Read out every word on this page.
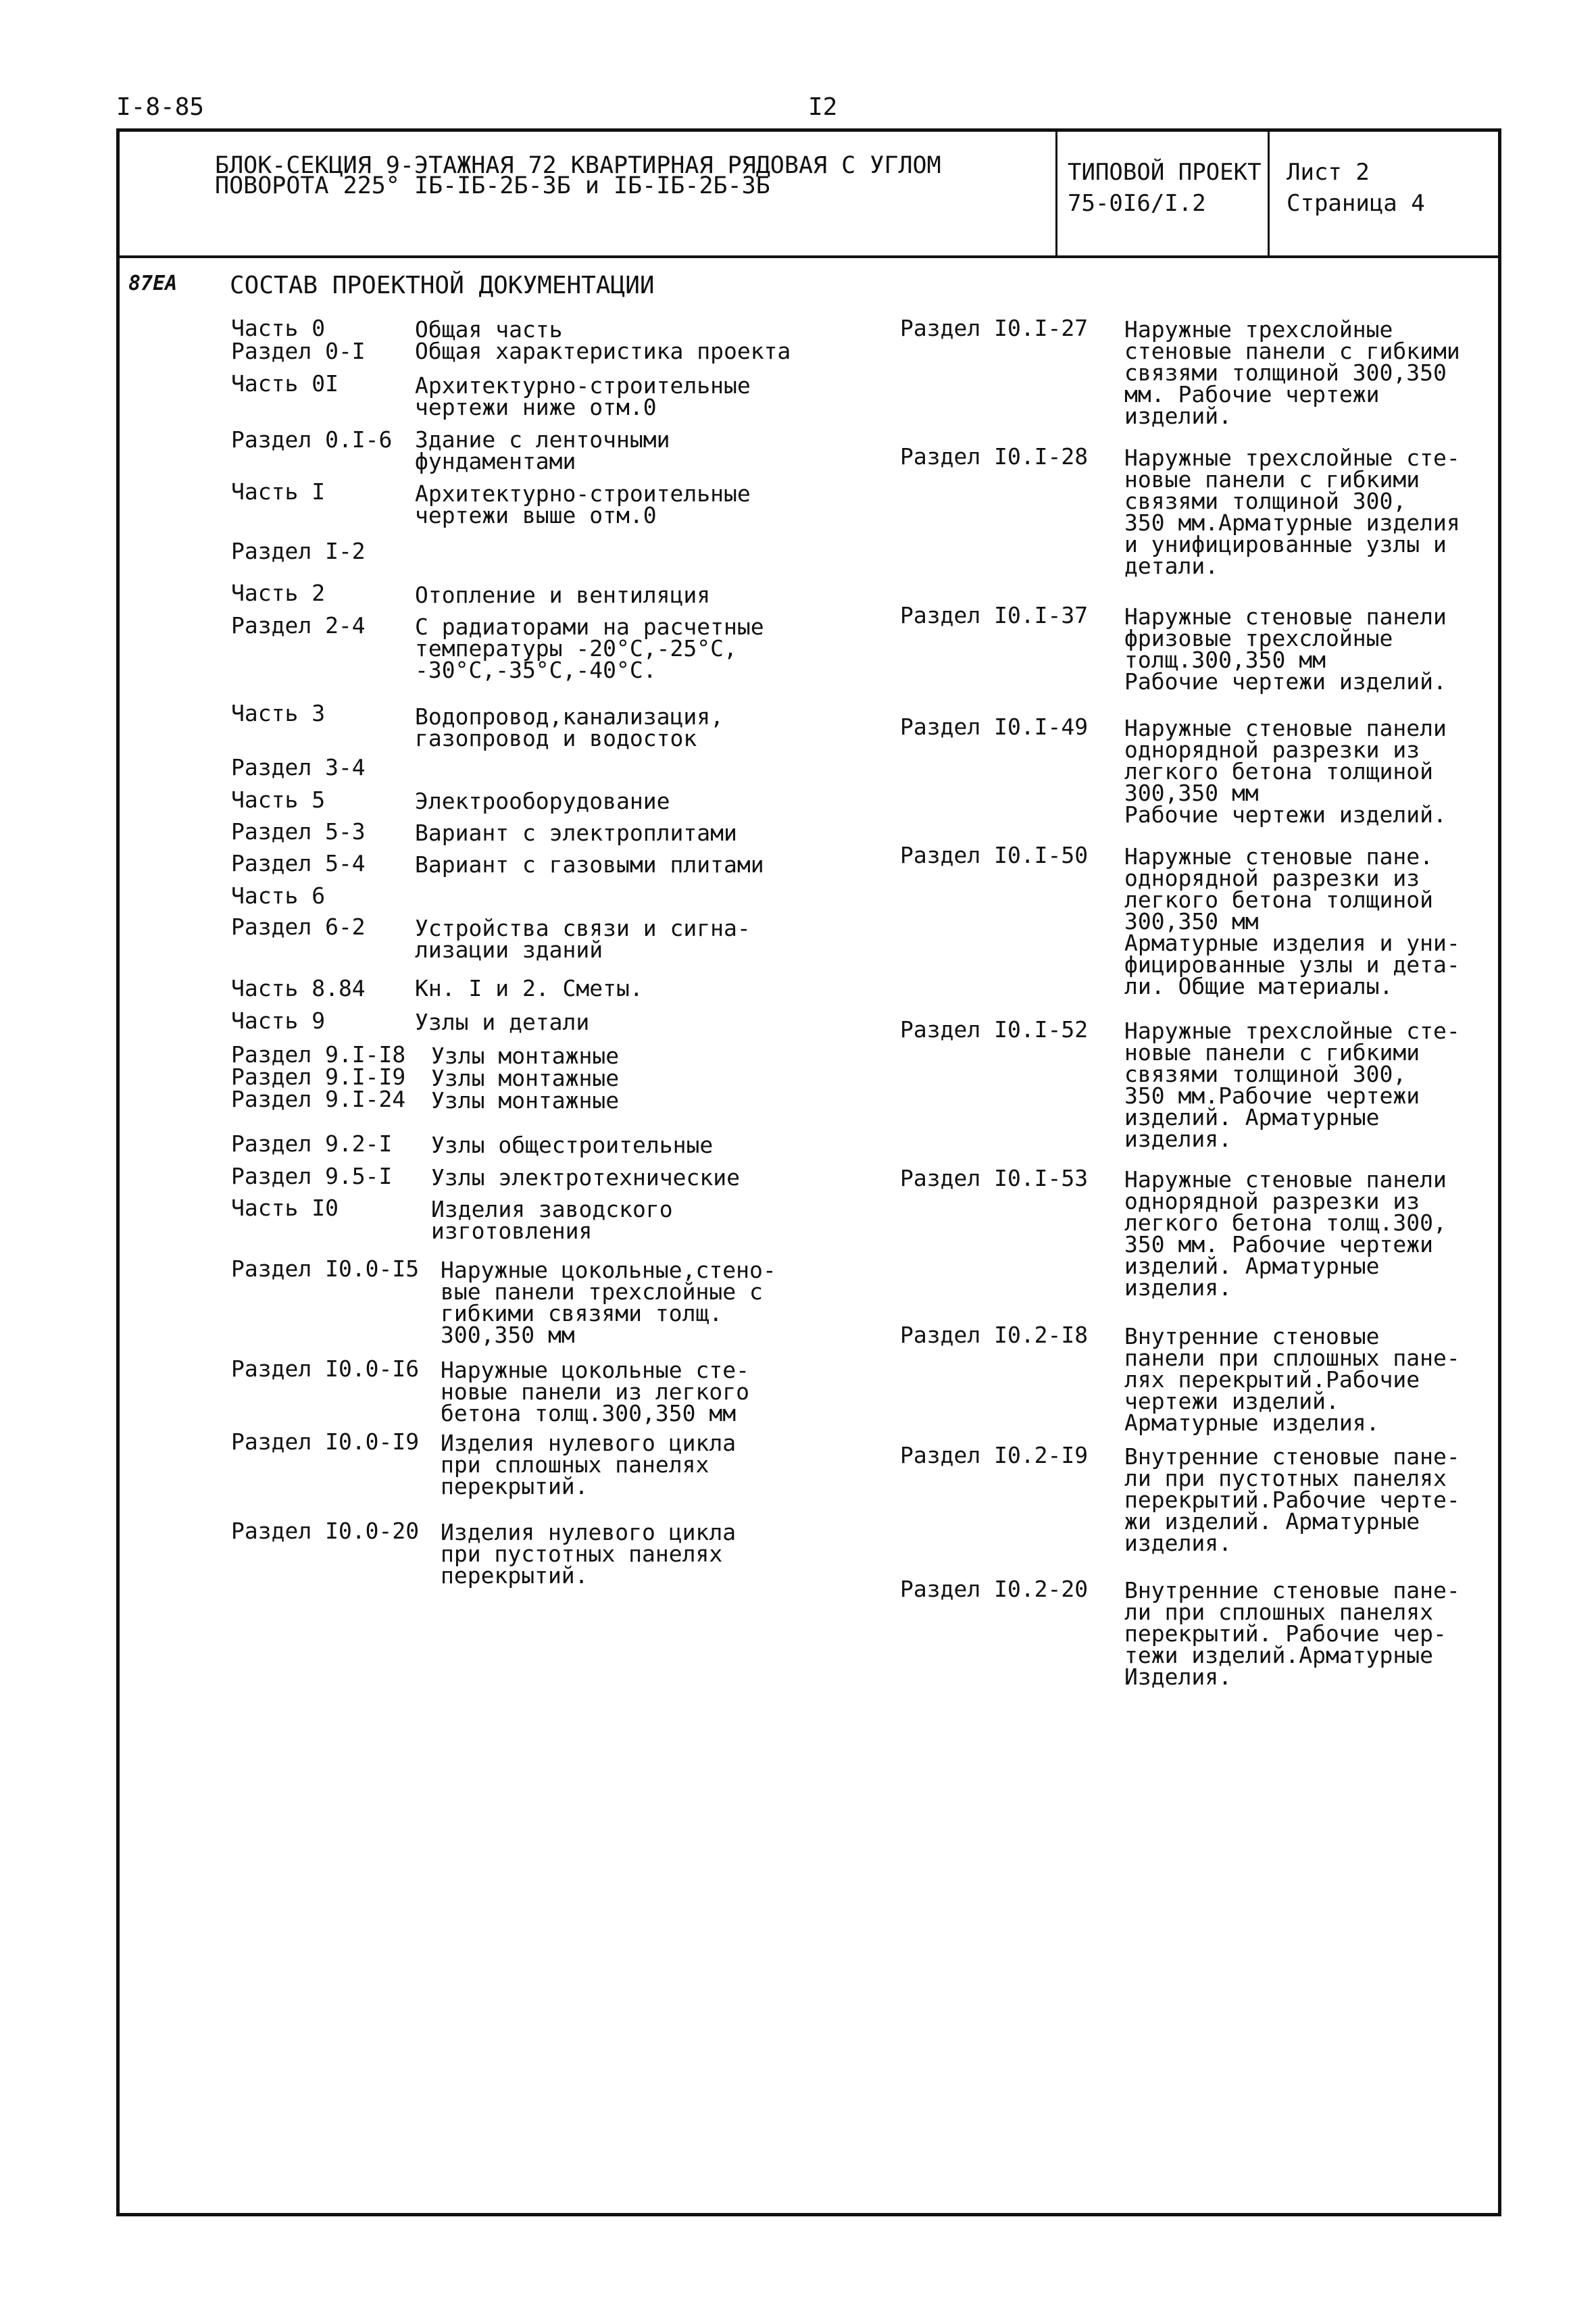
I-8-85	I2
БЛОК-СЕКЦИЯ 9-ЭТАЖНАЯ 72 КВАРТИРНАЯ РЯДОВАЯ С УГЛОМ
ПОВОРОТА 225° IБ-IБ-2Б-3Б и IБ-IБ-2Б-3Б	ТИПОВОЙ ПРОЕКТ
75-0I6/I.2
Лист 2
Страница 4
87ЕА СОСТАВ ПРОЕКТНОЙ ДОКУМЕНТАЦИИ
Часть 0	Общая часть
Раздел 0-I Общая характеристика проекта
Часть 0I	Архитектурно-строительные
чертежи ниже отм.0
Раздел 0.I-6 Здание с ленточными
фундаментами
Часть I	Архитектурно-строительные
чертежи выше отм.0
Раздел I-2
Часть 2	Отопление и вентиляция
Раздел 2-4 С радиаторами на расчетные
температуры -20°С,-25°С,
-30°С,-35°С,-40°С.
Часть 3	Водопровод,канализация,
газопровод и водосток
Раздел 3-4
Часть 5	Электрооборудование
Раздел 5-3 Вариант с электроплитами
Раздел 5-4 Вариант с газовыми плитами
Часть 6
Раздел 6-2 Устройства связи и сигна-
лизации зданий
Часть 8.84 Кн. I и 2. Сметы.
Часть 9	Узлы и детали
Раздел 9.I-I8 Узлы монтажные
Раздел 9.I-I9 Узлы монтажные
Раздел 9.I-24 Узлы монтажные
Раздел 9.2-I Узлы общестроительные
Раздел 9.5-I Узлы электротехнические
Часть I0	Изделия заводского
изготовления
Раздел I0.0-I5 Наружные цокольные,стено-
вые панели трехслойные с
гибкими связями толщ.
300,350 мм
Раздел I0.0-I6 Наружные цокольные сте-
новые панели из легкого
бетона толщ.300,350 мм
Раздел I0.0-I9 Изделия нулевого цикла
при сплошных панелях
перекрытий.
Раздел I0.0-20 Изделия нулевого цикла
при пустотных панелях
перекрытий.
Раздел I0.I-27 Наружные трехслойные
стеновые панели с гибкими
связями толщиной 300,350
мм. Рабочие чертежи
изделий.
Раздел I0.I-28 Наружные трехслойные сте-
новые панели с гибкими
связями толщиной 300,
350 мм.Арматурные изделия
и унифицированные узлы и
детали.
Раздел I0.I-37 Наружные стеновые панели
фризовые трехслойные
толщ.300,350 мм
Рабочие чертежи изделий.
Раздел I0.I-49 Наружные стеновые панели
однорядной разрезки из
легкого бетона толщиной
300,350 мм
Рабочие чертежи изделий.
Раздел I0.I-50 Наружные стеновые пане.
однорядной разрезки из
легкого бетона толщиной
300,350 мм
Арматурные изделия и уни-
фицированные узлы и дета-
ли. Общие материалы.
Раздел I0.I-52 Наружные трехслойные сте-
новые панели с гибкими
связями толщиной 300,
350 мм.Рабочие чертежи
изделий. Арматурные
изделия.
Раздел I0.I-53 Наружные стеновые панели
однорядной разрезки из
легкого бетона толщ.300,
350 мм. Рабочие чертежи
изделий. Арматурные
изделия.
Раздел I0.2-I8 Внутренние стеновые
панели при сплошных пане-
лях перекрытий.Рабочие
чертежи изделий.
Арматурные изделия.
Раздел I0.2-I9 Внутренние стеновые пане-
ли при пустотных панелях
перекрытий.Рабочие черте-
жи изделий. Арматурные
изделия.
Раздел I0.2-20 Внутренние стеновые пане-
ли при сплошных панелях
перекрытий. Рабочие чер-
тежи изделий.Арматурные
Изделия.
